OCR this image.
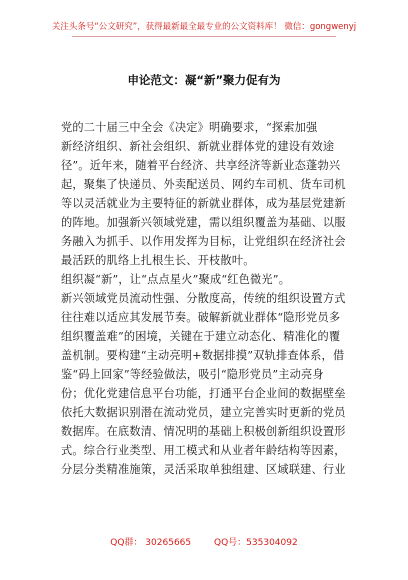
关注头条号“公文研究”，获得最新最全最专业的公文资料库！ 微信：gongwenyj
申论范文：凝“新”聚力促有为

党的二十届三中全会《决定》明确要求，“探索加强
新经济组织、新社会组织、新就业群体党的建设有效途
径”。近年来，随着平台经济、共享经济等新业态蓬勃兴
起，聚集了快递员、外卖配送员、网约车司机、货车司机
等以灵活就业为主要特征的新就业群体，成为基层党建新
的阵地。加强新兴领域党建，需以组织覆盖为基础、以服
务融入为抓手、以作用发挥为目标，让党组织在经济社会
最活跃的肌络上扎根生长、开枝散叶。

组织凝“新”，让“点点星火”聚成“红色微光”。
新兴领域党员流动性强、分散度高，传统的组织设置方式
往往难以适应其发展节奏。破解新就业群体“隐形党员多
组织覆盖难”的困境，关键在于建立动态化、精准化的覆
盖机制。要构建“主动亮明+数据排摸”双轨排查体系，借
鉴“码上回家”等经验做法，吸引“隐形党员”主动亮身
份；优化党建信息平台功能，打通平台企业间的数据壁垒
依托大数据识别潜在流动党员，建立完善实时更新的党员
数据库。在底数清、情况明的基础上积极创新组织设置形
式。综合行业类型、用工模式和从业者年龄结构等因素，
分层分类精准施策，灵活采取单独组建、区域联建、行业

QQ群： 30265665        QQ号：535304092
